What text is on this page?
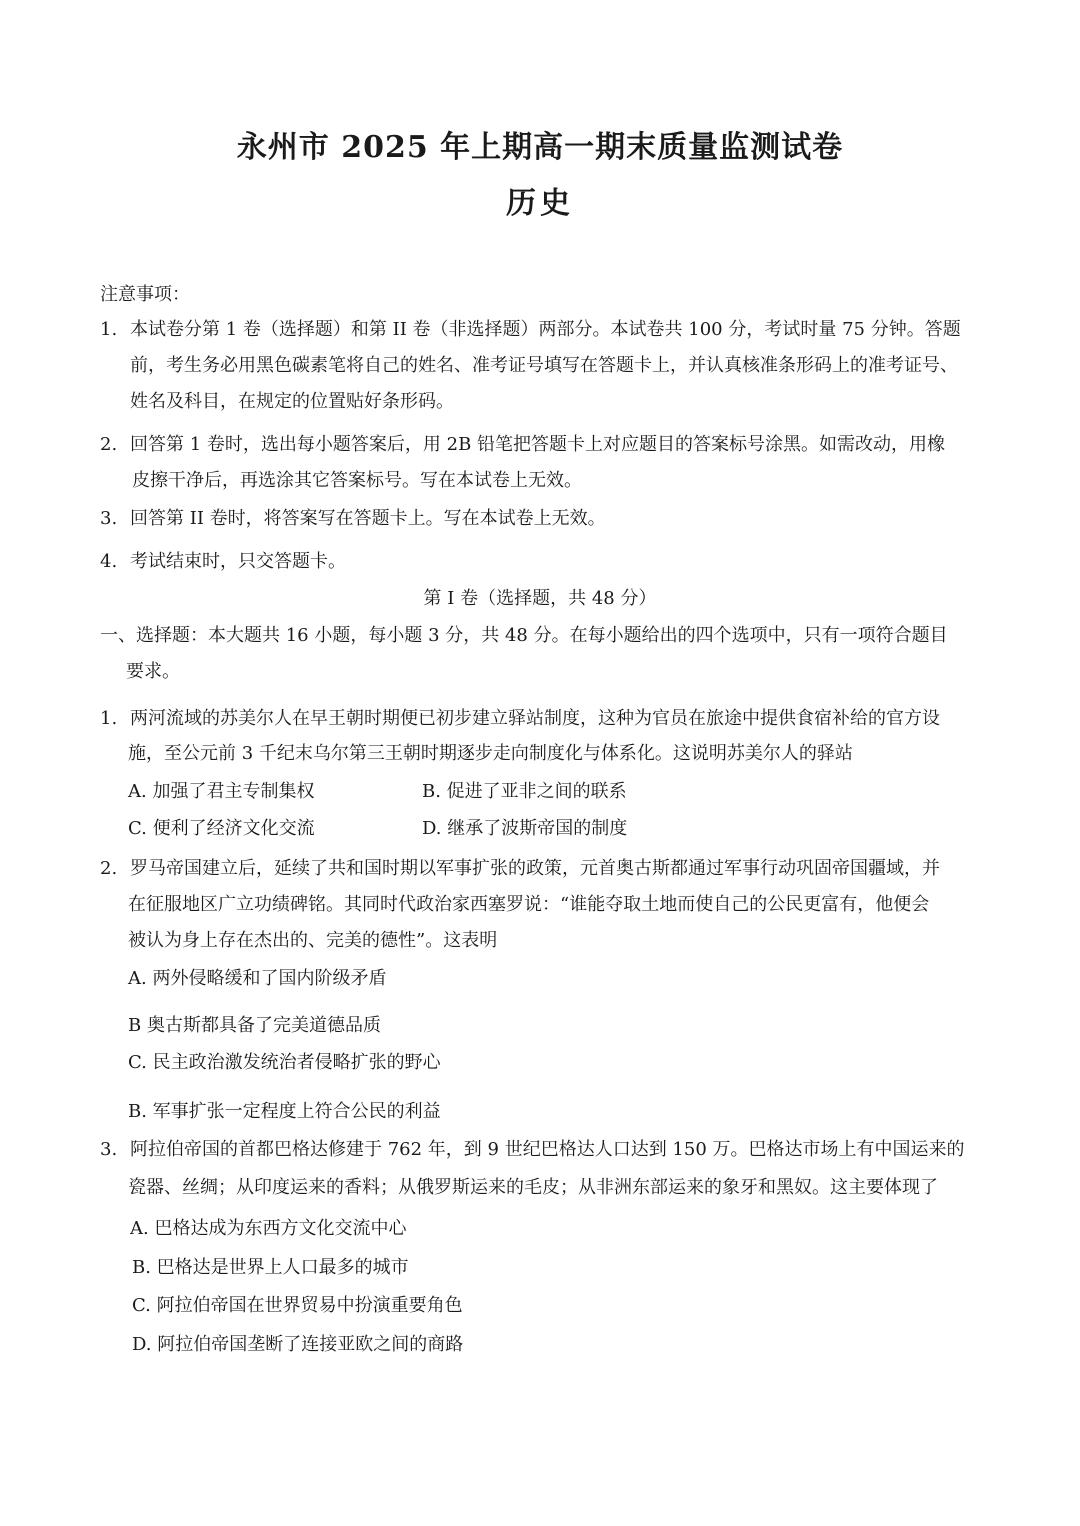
永州市 2025 年上期高一期末质量监测试卷
历史
注意事项：
1. 本试卷分第 1 卷（选择题）和第 II 卷（非选择题）两部分。本试卷共 100 分，考试时量 75 分钟。答题
前，考生务必用黑色碳素笔将自己的姓名、准考证号填写在答题卡上，并认真核准条形码上的准考证号、
姓名及科目，在规定的位置贴好条形码。
2. 回答第 1 卷时，选出每小题答案后，用 2B 铅笔把答题卡上对应题目的答案标号涂黑。如需改动，用橡
皮擦干净后，再选涂其它答案标号。写在本试卷上无效。
3. 回答第 II 卷时，将答案写在答题卡上。写在本试卷上无效。
4. 考试结束时，只交答题卡。
第 I 卷（选择题，共 48 分）
一、选择题：本大题共 16 小题，每小题 3 分，共 48 分。在每小题给出的四个选项中，只有一项符合题目
要求。
1. 两河流域的苏美尔人在早王朝时期便已初步建立驿站制度，这种为官员在旅途中提供食宿补给的官方设
施，至公元前 3 千纪末乌尔第三王朝时期逐步走向制度化与体系化。这说明苏美尔人的驿站
A. 加强了君主专制集权	B. 促进了亚非之间的联系
C. 便利了经济文化交流	D. 继承了波斯帝国的制度
2. 罗马帝国建立后，延续了共和国时期以军事扩张的政策，元首奥古斯都通过军事行动巩固帝国疆域，并
在征服地区广立功绩碑铭。其同时代政治家西塞罗说：“谁能夺取土地而使自己的公民更富有，他便会
被认为身上存在杰出的、完美的德性”。这表明
A. 两外侵略缓和了国内阶级矛盾
B 奥古斯都具备了完美道德品质
C. 民主政治激发统治者侵略扩张的野心
B. 军事扩张一定程度上符合公民的利益
3. 阿拉伯帝国的首都巴格达修建于 762 年，到 9 世纪巴格达人口达到 150 万。巴格达市场上有中国运来的
瓷器、丝绸；从印度运来的香料；从俄罗斯运来的毛皮；从非洲东部运来的象牙和黑奴。这主要体现了
A. 巴格达成为东西方文化交流中心
B. 巴格达是世界上人口最多的城市
C. 阿拉伯帝国在世界贸易中扮演重要角色
D. 阿拉伯帝国垄断了连接亚欧之间的商路
